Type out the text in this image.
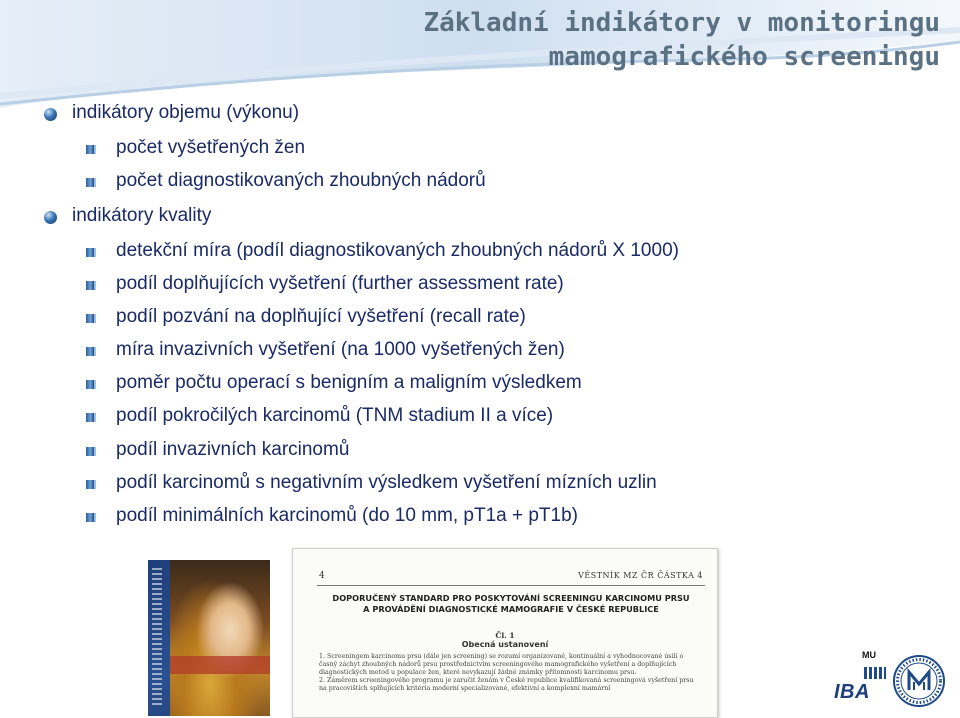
Základní indikátory v monitoringu
mamografického screeningu
indikátory objemu (výkonu)
počet vyšetřených žen
počet diagnostikovaných zhoubných nádorů
indikátory kvality
detekční míra (podíl diagnostikovaných zhoubných nádorů X 1000)
podíl doplňujících vyšetření (further assessment rate)
podíl pozvání na doplňující vyšetření (recall rate)
míra invazivních vyšetření (na 1000 vyšetřených žen)
poměr počtu operací s benigním a maligním výsledkem
podíl pokročilých karcinomů (TNM stadium II a více)
podíl invazivních karcinomů
podíl karcinomů s negativním výsledkem vyšetření mízních uzlin
podíl minimálních karcinomů (do 10 mm, pT1a + pT1b)
4	VĚSTNÍK MZ ČR ČÁSTKA 4
DOPORUČENÝ STANDARD PRO POSKYTOVÁNÍ SCREENINGU KARCINOMU PRSU
A PROVÁDĚNÍ DIAGNOSTICKÉ MAMOGRAFIE V ČESKÉ REPUBLICE
Čl. 1
Obecná ustanovení

1. Screeningem karcinomu prsu (dále jen screening) se rozumí organizované, kontinuální a vyhodnocované úsilí o časný záchyt zhoubných nádorů prsu prostřednictvím screeningového mamografického vyšetření a doplňujících diagnostických metod u populace žen, které nevykazují žádné známky přítomnosti karcinomu prsu.

2. Záměrem screeningového programu je zaručit ženám v České republice kvalifikovaná screeningová vyšetření prsu na pracovištích splňujících kritéria moderní specializované, efektivní a komplexní mamární

MU
IBA
